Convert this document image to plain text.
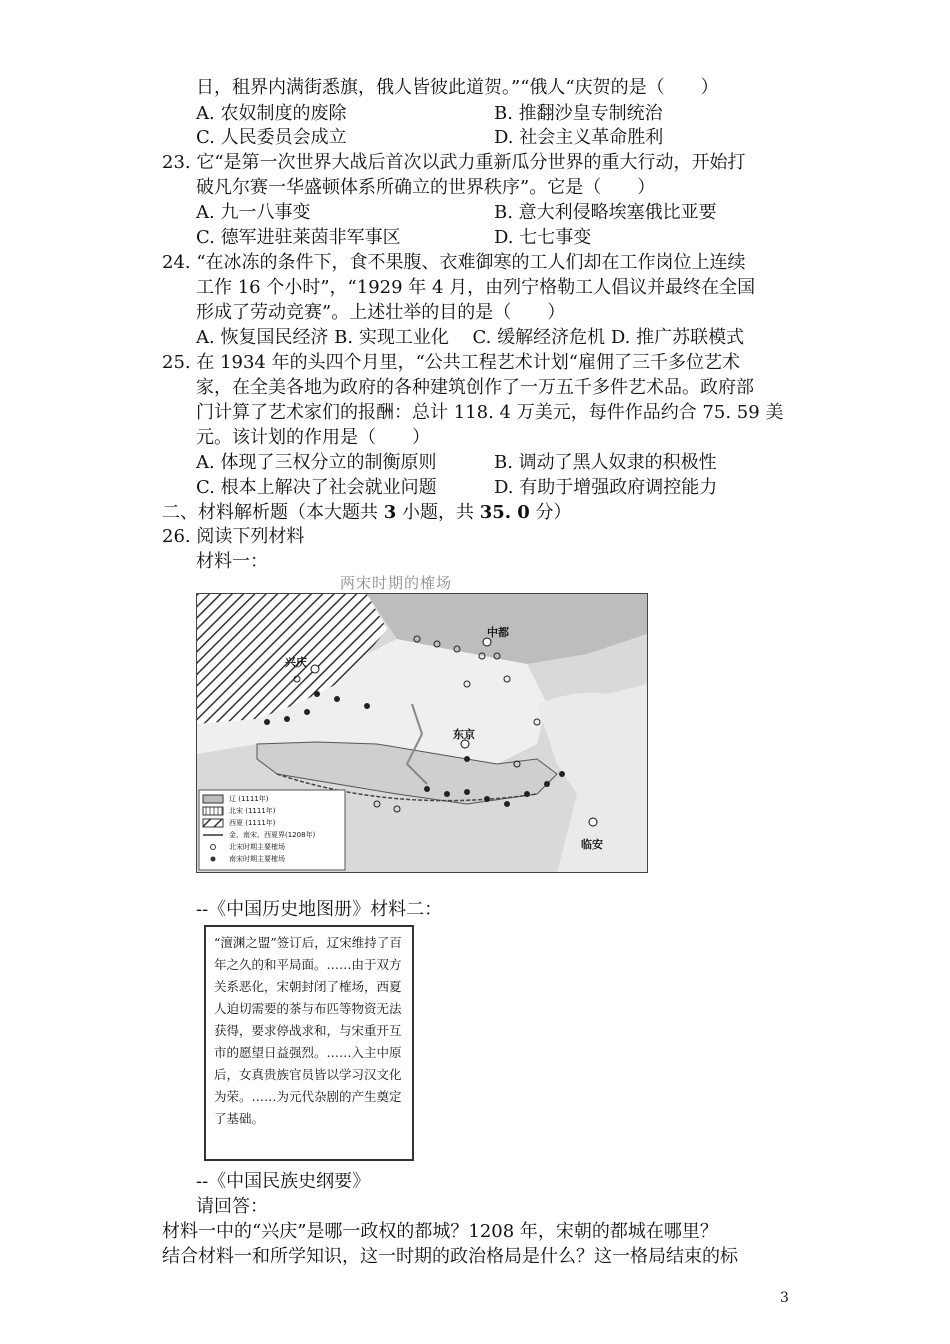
日，租界内满街悉旗，俄人皆彼此道贺。”“俄人“庆贺的是（　　）
A. 农奴制度的废除	B. 推翻沙皇专制统治
C. 人民委员会成立	D. 社会主义革命胜利
23. 它“是第一次世界大战后首次以武力重新瓜分世界的重大行动，开始打
破凡尔赛一华盛顿体系所确立的世界秩序”。它是（　　）
A. 九一八事变	B. 意大利侵略埃塞俄比亚要
C. 德军进驻莱茵非军事区	D. 七七事变
24. “在冰冻的条件下，食不果腹、衣难御寒的工人们却在工作岗位上连续
工作 16 个小时”，“1929 年 4 月，由列宁格勒工人倡议并最终在全国
形成了劳动竞赛”。上述壮举的目的是（　　）
A. 恢复国民经济 B. 实现工业化　 C. 缓解经济危机 D. 推广苏联模式
25. 在 1934 年的头四个月里，“公共工程艺术计划“雇佣了三千多位艺术
家，在全美各地为政府的各种建筑创作了一万五千多件艺术品。政府部
门计算了艺术家们的报酬：总计 118. 4 万美元，每件作品约合 75. 59 美
元。该计划的作用是（　　）
A. 体现了三权分立的制衡原则	B. 调动了黑人奴隶的积极性
C. 根本上解决了社会就业问题	D. 有助于增强政府调控能力
二、材料解析题（本大题共 3 小题，共 35. 0 分）
26. 阅读下列材料
材料一：
两宋时期的榷场
兴庆
中都
东京
临安
辽 (1111年)
北宋 (1111年)
西夏 (1111年)
金、南宋、西夏界(1208年)
北宋时期主要榷场
南宋时期主要榷场
--《中国历史地图册》材料二：
“澶渊之盟”签订后，辽宋维持了百年之久的和平局面。……由于双方关系恶化，宋朝封闭了榷场，西夏人迫切需要的茶与布匹等物资无法获得，要求停战求和，与宋重开互市的愿望日益强烈。……入主中原后，女真贵族官员皆以学习汉文化为荣。……为元代杂剧的产生奠定了基础。
--《中国民族史纲要》
请回答：
材料一中的“兴庆”是哪一政权的都城？1208 年，宋朝的都城在哪里？
结合材料一和所学知识，这一时期的政治格局是什么？这一格局结束的标
3
